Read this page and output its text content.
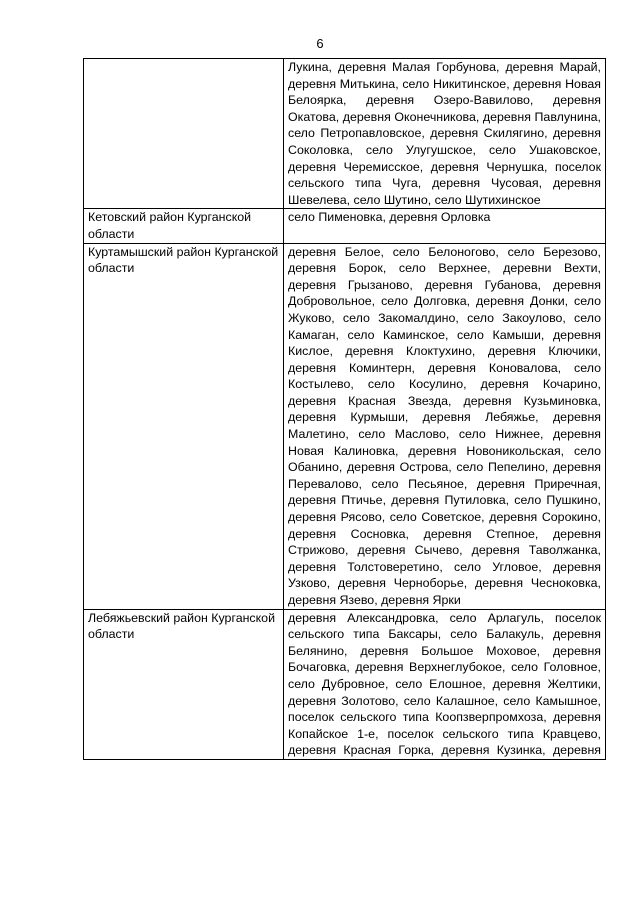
6
	Лукина, деревня Малая Горбунова, деревня Марай, деревня Митькина, село Никитинское, деревня Новая Белоярка, деревня Озеро-Вавилово, деревня Окатова, деревня Оконечникова, деревня Павлунина, село Петропавловское, деревня Скилягино, деревня Соколовка, село Улугушское, село Ушаковское, деревня Черемисское, деревня Чернушка, поселок сельского типа Чуга, деревня Чусовая, деревня Шевелева, село Шутино, село Шутихинское
Кетовский район Курганской области	село Пименовка, деревня Орловка
Куртамышский район Курганской области	деревня Белое, село Белоногово, село Березово, деревня Борок, село Верхнее, деревни Вехти, деревня Грызаново, деревня Губанова, деревня Добровольное, село Долговка, деревня Донки, село Жуково, село Закомалдино, село Закоулово, село Камаган, село Каминское, село Камыши, деревня Кислое, деревня Клоктухино, деревня Ключики, деревня Коминтерн, деревня Коновалова, село Костылево, село Косулино, деревня Кочарино, деревня Красная Звезда, деревня Кузьминовка, деревня Курмыши, деревня Лебяжье, деревня Малетино, село Маслово, село Нижнее, деревня Новая Калиновка, деревня Новоникольская, село Обанино, деревня Острова, село Пепелино, деревня Перевалово, село Песьяное, деревня Приречная, деревня Птичье, деревня Путиловка, село Пушкино, деревня Рясово, село Советское, деревня Сорокино, деревня Сосновка, деревня Степное, деревня Стрижово, деревня Сычево, деревня Таволжанка, деревня Толстоверетино, село Угловое, деревня Узково, деревня Черноборье, деревня Чесноковка, деревня Язево, деревня Ярки
Лебяжьевский район Курганской области	деревня Александровка, село Арлагуль, поселок сельского типа Баксары, село Балакуль, деревня Белянино, деревня Большое Моховое, деревня Бочаговка, деревня Верхнеглубокое, село Головное, село Дубровное, село Елошное, деревня Желтики, деревня Золотово, село Калашное, село Камышное, поселок сельского типа Коопзверпромхоза, деревня Копайское 1-е, поселок сельского типа Кравцево, деревня Красная Горка, деревня Кузинка, деревня
